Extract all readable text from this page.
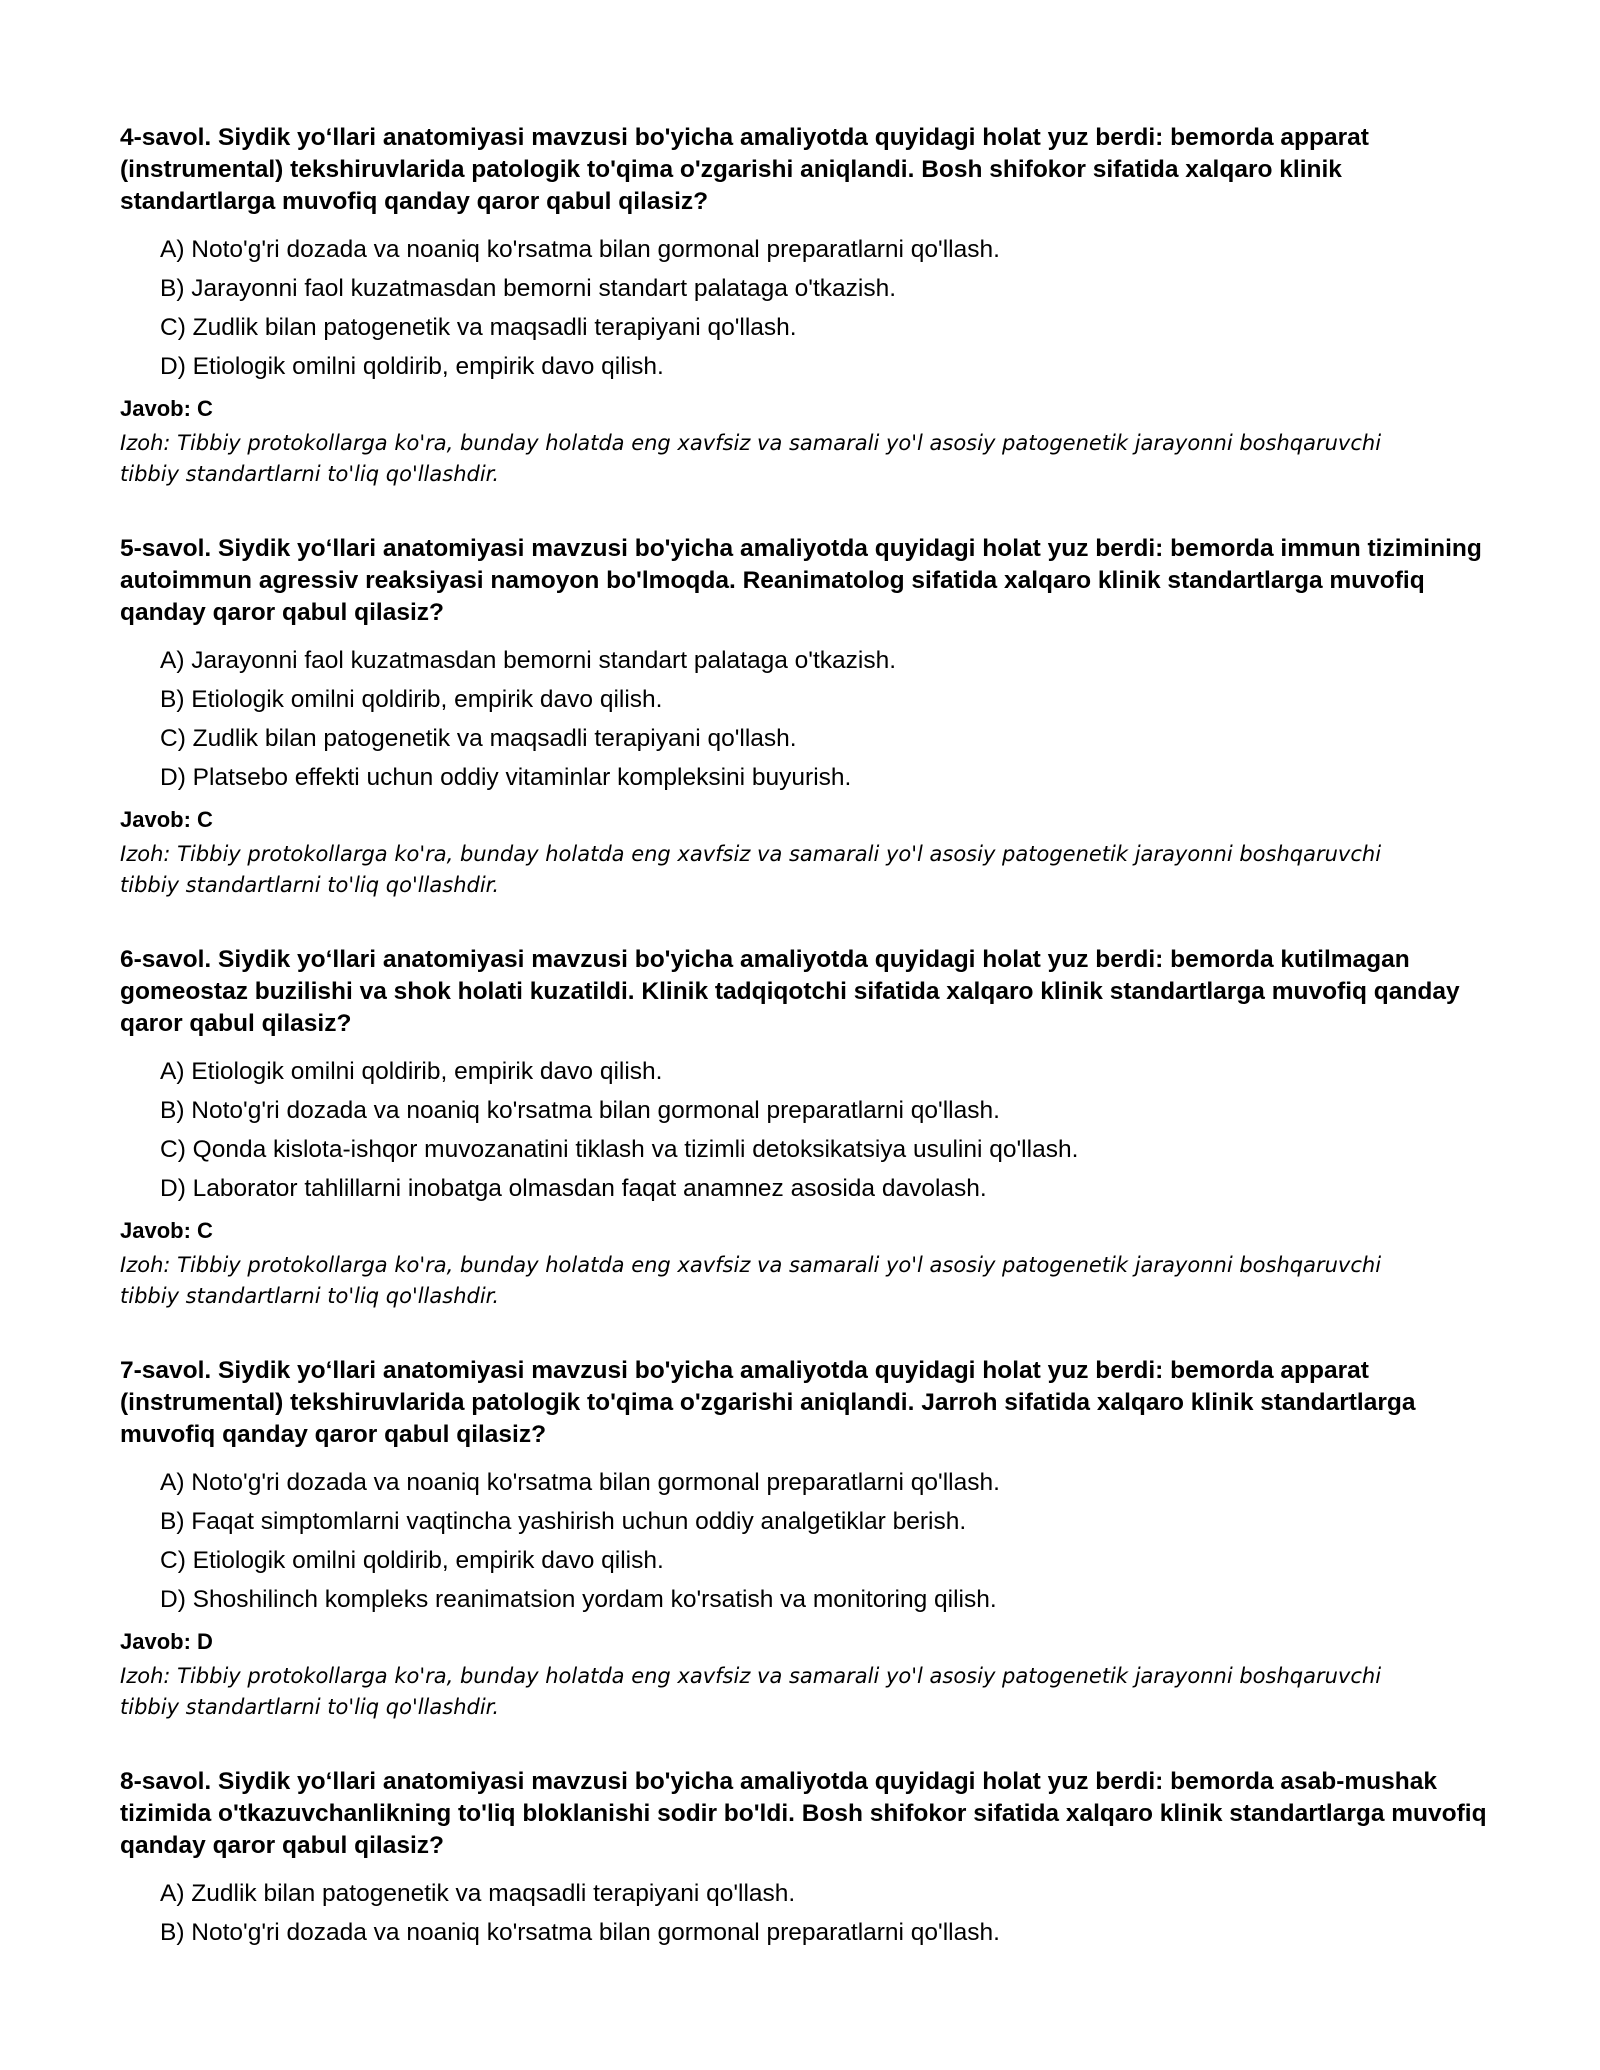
4-savol. Siydik yo‘llari anatomiyasi mavzusi bo'yicha amaliyotda quyidagi holat yuz berdi: bemorda apparat (instrumental) tekshiruvlarida patologik to'qima o'zgarishi aniqlandi. Bosh shifokor sifatida xalqaro klinik standartlarga muvofiq qanday qaror qabul qilasiz?

A) Noto'g'ri dozada va noaniq ko'rsatma bilan gormonal preparatlarni qo'llash.
B) Jarayonni faol kuzatmasdan bemorni standart palataga o'tkazish.
C) Zudlik bilan patogenetik va maqsadli terapiyani qo'llash.
D) Etiologik omilni qoldirib, empirik davo qilish.

Javob: C

Izoh: Tibbiy protokollarga ko'ra, bunday holatda eng xavfsiz va samarali yo'l asosiy patogenetik jarayonni boshqaruvchi tibbiy standartlarni to'liq qo'llashdir.

5-savol. Siydik yo‘llari anatomiyasi mavzusi bo'yicha amaliyotda quyidagi holat yuz berdi: bemorda immun tizimining autoimmun agressiv reaksiyasi namoyon bo'lmoqda. Reanimatolog sifatida xalqaro klinik standartlarga muvofiq qanday qaror qabul qilasiz?

A) Jarayonni faol kuzatmasdan bemorni standart palataga o'tkazish.
B) Etiologik omilni qoldirib, empirik davo qilish.
C) Zudlik bilan patogenetik va maqsadli terapiyani qo'llash.
D) Platsebo effekti uchun oddiy vitaminlar kompleksini buyurish.

Javob: C

Izoh: Tibbiy protokollarga ko'ra, bunday holatda eng xavfsiz va samarali yo'l asosiy patogenetik jarayonni boshqaruvchi tibbiy standartlarni to'liq qo'llashdir.

6-savol. Siydik yo‘llari anatomiyasi mavzusi bo'yicha amaliyotda quyidagi holat yuz berdi: bemorda kutilmagan gomeostaz buzilishi va shok holati kuzatildi. Klinik tadqiqotchi sifatida xalqaro klinik standartlarga muvofiq qanday qaror qabul qilasiz?

A) Etiologik omilni qoldirib, empirik davo qilish.
B) Noto'g'ri dozada va noaniq ko'rsatma bilan gormonal preparatlarni qo'llash.
C) Qonda kislota-ishqor muvozanatini tiklash va tizimli detoksikatsiya usulini qo'llash.
D) Laborator tahlillarni inobatga olmasdan faqat anamnez asosida davolash.

Javob: C

Izoh: Tibbiy protokollarga ko'ra, bunday holatda eng xavfsiz va samarali yo'l asosiy patogenetik jarayonni boshqaruvchi tibbiy standartlarni to'liq qo'llashdir.

7-savol. Siydik yo‘llari anatomiyasi mavzusi bo'yicha amaliyotda quyidagi holat yuz berdi: bemorda apparat (instrumental) tekshiruvlarida patologik to'qima o'zgarishi aniqlandi. Jarroh sifatida xalqaro klinik standartlarga muvofiq qanday qaror qabul qilasiz?

A) Noto'g'ri dozada va noaniq ko'rsatma bilan gormonal preparatlarni qo'llash.
B) Faqat simptomlarni vaqtincha yashirish uchun oddiy analgetiklar berish.
C) Etiologik omilni qoldirib, empirik davo qilish.
D) Shoshilinch kompleks reanimatsion yordam ko'rsatish va monitoring qilish.

Javob: D

Izoh: Tibbiy protokollarga ko'ra, bunday holatda eng xavfsiz va samarali yo'l asosiy patogenetik jarayonni boshqaruvchi tibbiy standartlarni to'liq qo'llashdir.

8-savol. Siydik yo‘llari anatomiyasi mavzusi bo'yicha amaliyotda quyidagi holat yuz berdi: bemorda asab-mushak tizimida o'tkazuvchanlikning to'liq bloklanishi sodir bo'ldi. Bosh shifokor sifatida xalqaro klinik standartlarga muvofiq qanday qaror qabul qilasiz?

A) Zudlik bilan patogenetik va maqsadli terapiyani qo'llash.
B) Noto'g'ri dozada va noaniq ko'rsatma bilan gormonal preparatlarni qo'llash.
